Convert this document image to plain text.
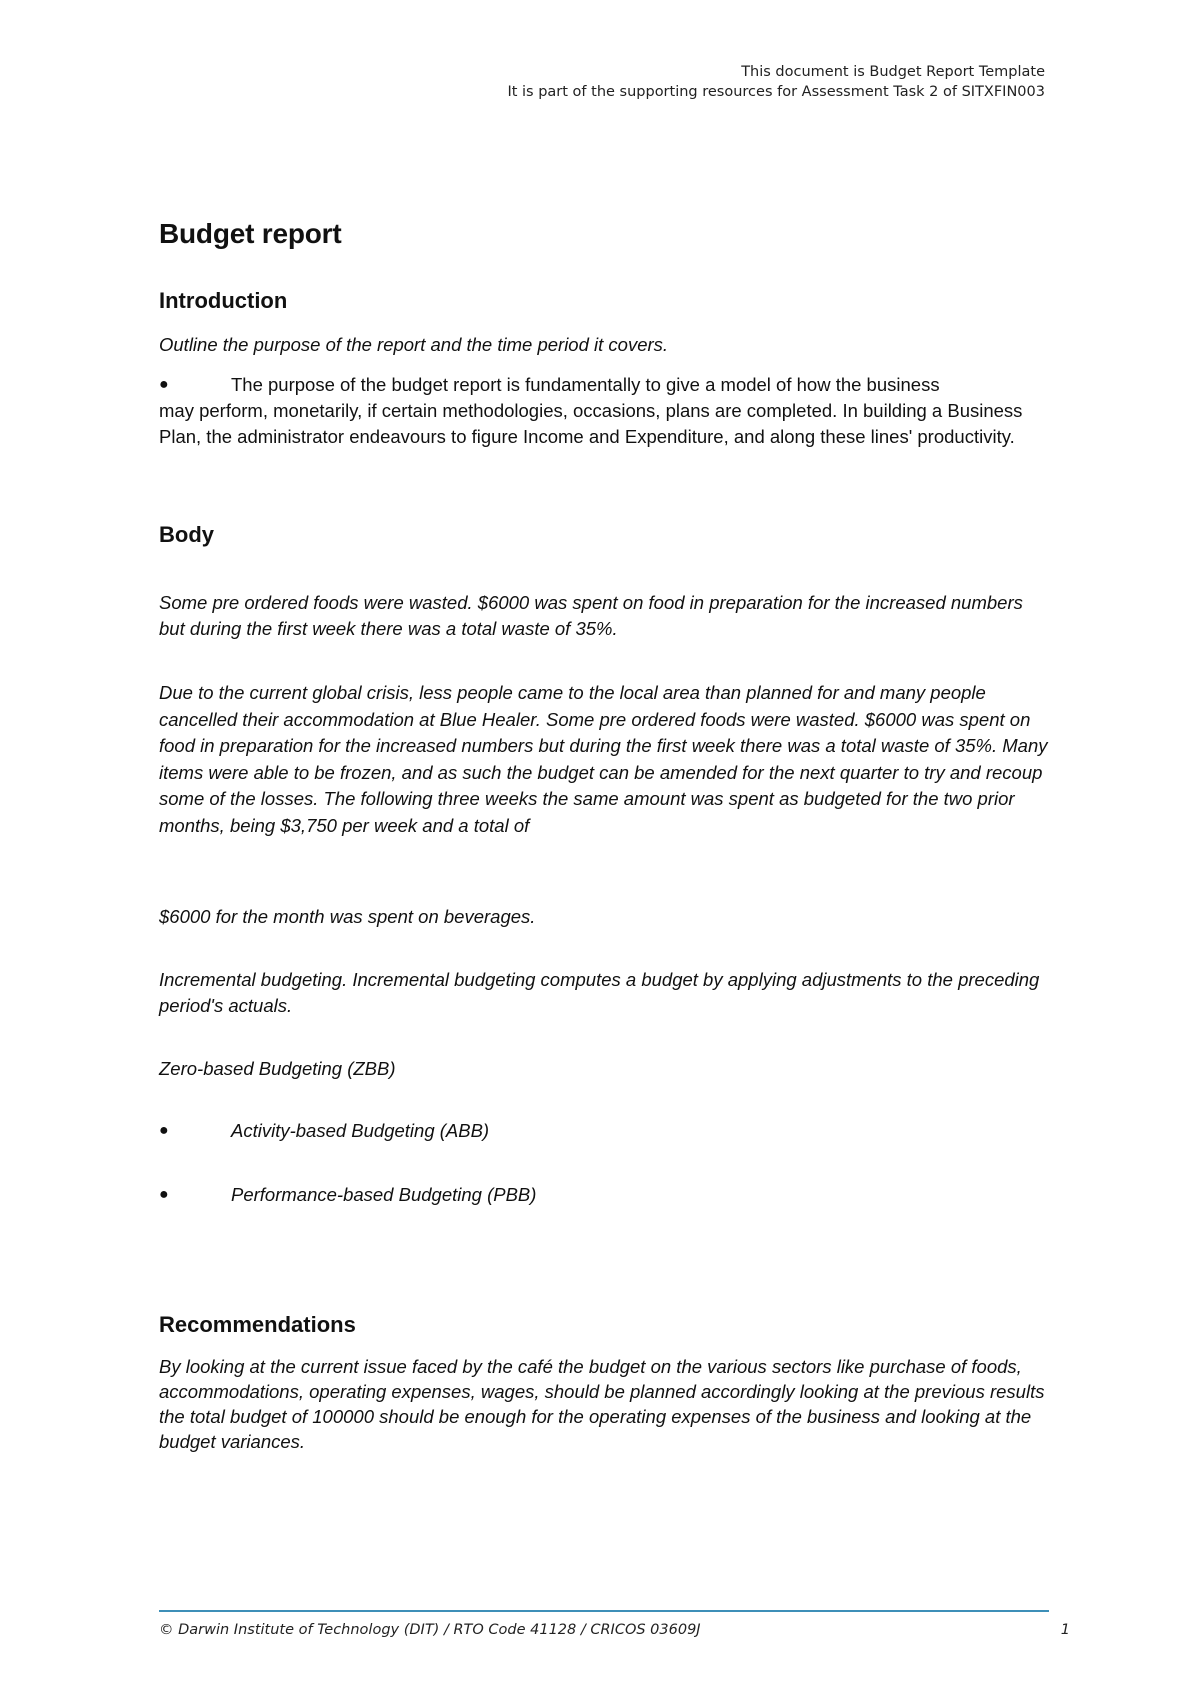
This document is Budget Report Template
It is part of the supporting resources for Assessment Task 2 of SITXFIN003
Budget report
Introduction

Outline the purpose of the report and the time period it covers.

●	The purpose of the budget report is fundamentally to give a model of how the business
may perform, monetarily, if certain methodologies, occasions, plans are completed. In building a Business Plan, the administrator endeavours to figure Income and Expenditure, and along these lines' productivity.
Body

Some pre ordered foods were wasted. $6000 was spent on food in preparation for the increased numbers but during the first week there was a total waste of 35%.

Due to the current global crisis, less people came to the local area than planned for and many people cancelled their accommodation at Blue Healer. Some pre ordered foods were wasted. $6000 was spent on food in preparation for the increased numbers but during the first week there was a total waste of 35%. Many items were able to be frozen, and as such the budget can be amended for the next quarter to try and recoup some of the losses. The following three weeks the same amount was spent as budgeted for the two prior months, being $3,750 per week and a total of

$6000 for the month was spent on beverages.

Incremental budgeting. Incremental budgeting computes a budget by applying adjustments to the preceding period's actuals.

Zero-based Budgeting (ZBB)

●	Activity-based Budgeting (ABB)
●	Performance-based Budgeting (PBB)
Recommendations

By looking at the current issue faced by the café the budget on the various sectors like purchase of foods, accommodations, operating expenses, wages, should be planned accordingly looking at the previous results the total budget of 100000 should be enough for the operating expenses of the business and looking at the budget variances.

© Darwin Institute of Technology (DIT) / RTO Code 41128 / CRICOS 03609J	1
